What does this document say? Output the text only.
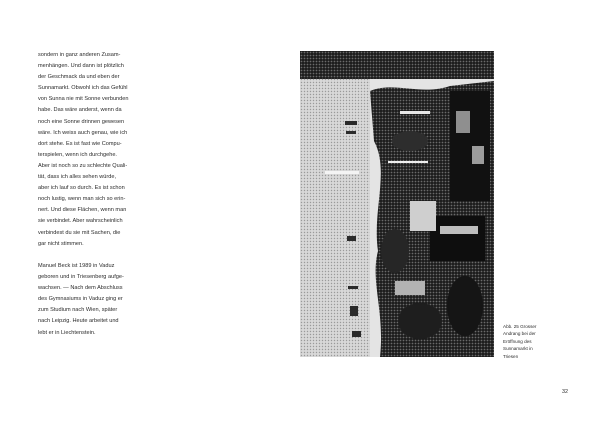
sondern in ganz anderen Zusam-
menhängen. Und dann ist plötzlich
der Geschmack da und eben der
Sunnamarkt. Obwohl ich das Gefühl
von Sunna nie mit Sonne verbunden
habe. Das wäre anderst, wenn da
noch eine Sonne drinnen gewesen
wäre. Ich weiss auch genau, wie ich
dort stehe. Es ist fast wie Compu-
terspielen, wenn ich durchgehe.
Aber ist noch so zu schlechte Quali-
tät, dass ich alles sehen würde,
aber ich lauf so durch. Es ist schon
noch lustig, wenn man sich so erin-
nert. Und diese Flächen, wenn man
sie verbindet. Aber wahrscheinlich
verbindest du sie mit Sachen, die
gar nicht stimmen.
Manuel Beck ist 1989 in Vaduz
geboren und in Triesenberg aufge-
wachsen. — Nach dem Abschluss
des Gymnasiums in Vaduz ging er
zum Studium nach Wien, später
nach Leipzig. Heute arbeitet und
lebt er in Liechtenstein.
Abb. 25 Grosser
Andrang bei der
Eröffnung des
Sunnamarkt in
Triesen
32
